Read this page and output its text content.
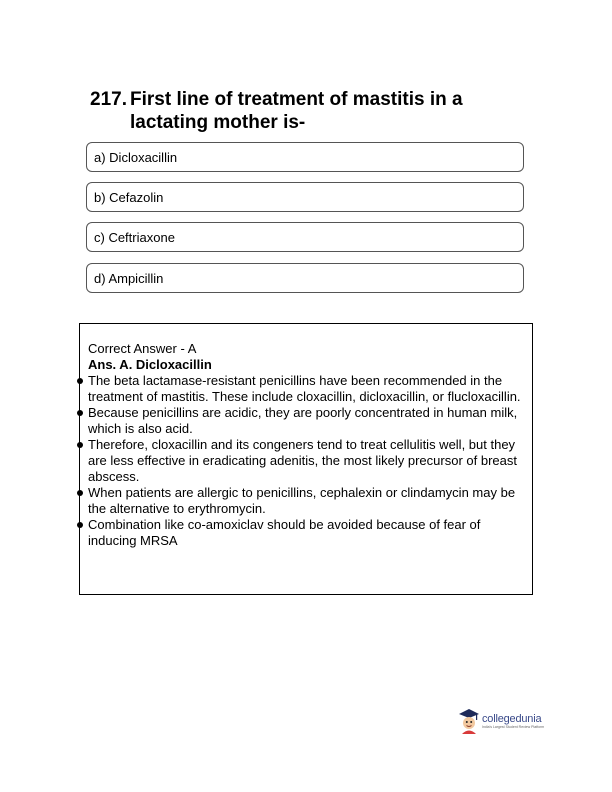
217. First line of treatment of mastitis in a lactating mother is-
a) Dicloxacillin
b) Cefazolin
c) Ceftriaxone
d) Ampicillin
Correct Answer - A
Ans. A. Dicloxacillin
The beta lactamase-resistant penicillins have been recommended in the treatment of mastitis. These include cloxacillin, dicloxacillin, or flucloxacillin.
Because penicillins are acidic, they are poorly concentrated in human milk, which is also acid.
Therefore, cloxacillin and its congeners tend to treat cellulitis well, but they are less effective in eradicating adenitis, the most likely precursor of breast abscess.
When patients are allergic to penicillins, cephalexin or clindamycin may be the alternative to erythromycin.
Combination like co-amoxiclav should be avoided because of fear of inducing MRSA
collegedunia
India's Largest Student Review Platform
